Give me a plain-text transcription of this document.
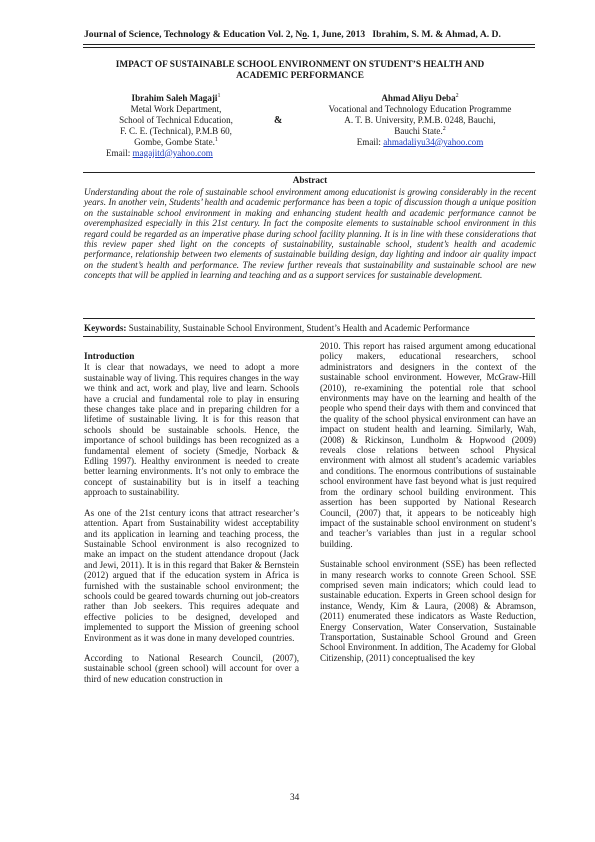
Journal of Science, Technology & Education Vol. 2, No. 1, June, 2013 Ibrahim, S. M. & Ahmad, A. D.
IMPACT OF SUSTAINABLE SCHOOL ENVIRONMENT ON STUDENT’S HEALTH AND
ACADEMIC PERFORMANCE
Ibrahim Saleh Magaji$^1$
Metal Work Department,
School of Technical Education,
F. C. E. (Technical), P.M.B 60,
Gombe, Gombe State.$^1$
Email: magajitd@yahoo.com
&
Ahmad Aliyu Deba$^2$
Vocational and Technology Education Programme
A. T. B. University, P.M.B. 0248, Bauchi,
Bauchi State.$^2$
Email: ahmadaliyu34@yahoo.com
Abstract
Understanding about the role of sustainable school environment among educationist is growing considerably in the recent years. In another vein, Students’ health and academic performance has been a topic of discussion though a unique position on the sustainable school environment in making and enhancing student health and academic performance cannot be overemphasized especially in this 21st century. In fact the composite elements to sustainable school environment in this regard could be regarded as an imperative phase during school facility planning. It is in line with these considerations that this review paper shed light on the concepts of sustainability, sustainable school, student’s health and academic performance, relationship between two elements of sustainable building design, day lighting and indoor air quality impact on the student’s health and performance. The review further reveals that sustainability and sustainable school are new concepts that will be applied in learning and teaching and as a support services for sustainable development.
Keywords: Sustainability, Sustainable School Environment, Student’s Health and Academic Performance
Introduction

It is clear that nowadays, we need to adopt a more sustainable way of living. This requires changes in the way we think and act, work and play, live and learn. Schools have a crucial and fundamental role to play in ensuring these changes take place and in preparing children for a lifetime of sustainable living. It is for this reason that schools should be sustainable schools. Hence, the importance of school buildings has been recognized as a fundamental element of society (Smedje, Norback & Edling 1997). Healthy environment is needed to create better learning environments. It’s not only to embrace the concept of sustainability but is in itself a teaching approach to sustainability.

As one of the 21st century icons that attract researcher’s attention. Apart from Sustainability widest acceptability and its application in learning and teaching process, the Sustainable School environment is also recognized to make an impact on the student attendance dropout (Jack and Jewi, 2011). It is in this regard that Baker & Bernstein (2012) argued that if the education system in Africa is furnished with the sustainable school environment; the schools could be geared towards churning out job-creators rather than Job seekers. This requires adequate and effective policies to be designed, developed and implemented to support the Mission of greening school Environment as it was done in many developed countries.

According to National Research Council, (2007), sustainable school (green school) will account for over a third of new education construction in

2010. This report has raised argument among educational policy makers, educational researchers, school administrators and designers in the context of the sustainable school environment. However, McGraw-Hill (2010), re-examining the potential role that school environments may have on the learning and health of the people who spend their days with them and convinced that the quality of the school physical environment can have an impact on student health and learning. Similarly, Wah, (2008) & Rickinson, Lundholm & Hopwood (2009) reveals close relations between school Physical environment with almost all student’s academic variables and conditions. The enormous contributions of sustainable school environment have fast beyond what is just required from the ordinary school building environment. This assertion has been supported by National Research Council, (2007) that, it appears to be noticeably high impact of the sustainable school environment on student’s and teacher’s variables than just in a regular school building.

Sustainable school environment (SSE) has been reflected in many research works to connote Green School. SSE comprised seven main indicators; which could lead to sustainable education. Experts in Green school design for instance, Wendy, Kim & Laura, (2008) & Abramson, (2011) enumerated these indicators as Waste Reduction, Energy Conservation, Water Conservation, Sustainable Transportation, Sustainable School Ground and Green School Environment. In addition, The Academy for Global Citizenship, (2011) conceptualised the key

34
